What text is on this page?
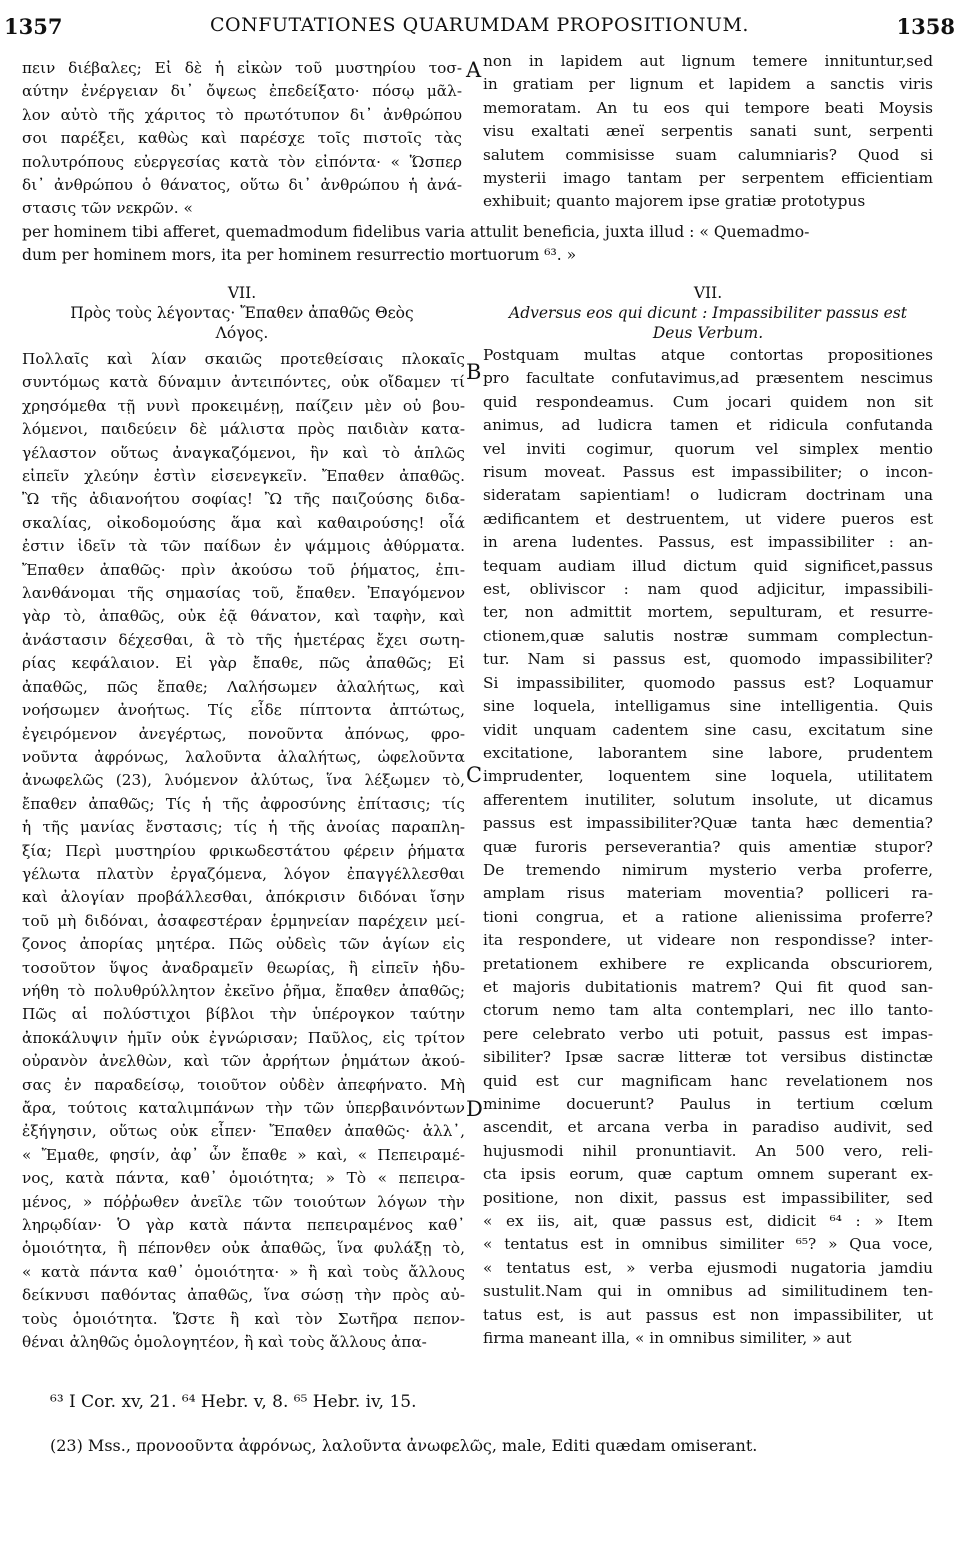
1357	CONFUTATIONES QUARUMDAM PROPOSITIONUM.	1358
πειν διέβαλες; Εἰ δὲ ἡ εἰκὼν τοῦ μυστηρίου τοσ-
αύτην ἐνέργειαν δι᾽ ὄψεως ἐπεδείξατο· πόσῳ μᾶλ-
λον αὐτὸ τῆς χάριτος τὸ πρωτότυπον δι᾽ ἀνθρώπου
σοι παρέξει, καθὼς καὶ παρέσχε τοῖς πιστοῖς τὰς
πολυτρόπους εὐεργεσίας κατὰ τὸν εἰπόντα· « Ὥσπερ
δι᾽ ἀνθρώπου ὁ θάνατος, οὕτω δι᾽ ἀνθρώπου ἡ ἀνά-
στασις τῶν νεκρῶν. «
non in lapidem aut lignum temere innituntur,sed
in gratiam per lignum et lapidem a sanctis viris
memoratam. An tu eos qui tempore beati Moysis
visu exaltati æneï serpentis sanati sunt, serpenti
salutem commisisse suam calumniaris? Quod si
mysterii imago tantam per serpentem efficientiam
exhibuit; quanto majorem ipse gratiæ prototypus
per hominem tibi afferet, quemadmodum fidelibus varia attulit beneficia, juxta illud : « Quemadmo-
dum per hominem mors, ita per hominem resurrectio mortuorum ⁶³. »
VII.
Πρὸς τοὺς λέγοντας· Ἔπαθεν ἀπαθῶς Θεὸς
Λόγος.
VII.
Adversus eos qui dicunt : Impassibiliter passus est
Deus Verbum.
Πολλαῖς καὶ λίαν σκαιῶς προτεθείσαις πλοκαῖς
συντόμως κατὰ δύναμιν ἀντειπόντες, οὐκ οἴδαμεν τί
χρησόμεθα τῇ νυνὶ προκειμένῃ, παίζειν μὲν οὐ βου-
λόμενοι, παιδεύειν δὲ μάλιστα πρὸς παιδιὰν κατα-
γέλαστον οὕτως ἀναγκαζόμενοι, ἣν καὶ τὸ ἁπλῶς
εἰπεῖν χλεύην ἐστὶν εἰσενεγκεῖν. Ἔπαθεν ἀπαθῶς.
Ὢ τῆς ἀδιανοήτου σοφίας! Ὢ τῆς παιζούσης διδα-
σκαλίας, οἰκοδομούσης ἅμα καὶ καθαιρούσης! οἷά
ἐστιν ἰδεῖν τὰ τῶν παίδων ἐν ψάμμοις ἀθύρματα.
Ἔπαθεν ἀπαθῶς· πρὶν ἀκούσω τοῦ ῥήματος, ἐπι-
λανθάνομαι τῆς σημασίας τοῦ, ἔπαθεν. Ἐπαγόμενον
γὰρ τὸ, ἀπαθῶς, οὐκ ἐᾷ θάνατον, καὶ ταφὴν, καὶ
ἀνάστασιν δέχεσθαι, ἃ τὸ τῆς ἡμετέρας ἔχει σωτη-
ρίας κεφάλαιον. Εἰ γὰρ ἔπαθε, πῶς ἀπαθῶς; Εἰ
ἀπαθῶς, πῶς ἔπαθε; Λαλήσωμεν ἀλαλήτως, καὶ
νοήσωμεν ἀνοήτως. Τίς εἶδε πίπτοντα ἀπτώτως,
ἐγειρόμενον ἀνεγέρτως, πονοῦντα ἀπόνως, φρο-
νοῦντα ἀφρόνως, λαλοῦντα ἀλαλήτως, ὠφελοῦντα
ἀνωφελῶς (23), λυόμενον ἀλύτως, ἵνα λέξωμεν τὸ,
ἔπαθεν ἀπαθῶς; Τίς ἡ τῆς ἀφροσύνης ἐπίτασις; τίς
ἡ τῆς μανίας ἔνστασις; τίς ἡ τῆς ἀνοίας παραπλη-
ξία; Περὶ μυστηρίου φρικωδεστάτου φέρειν ῥήματα
γέλωτα πλατὺν ἐργαζόμενα, λόγον ἐπαγγέλλεσθαι
καὶ ἀλογίαν προβάλλεσθαι, ἀπόκρισιν διδόναι ἴσην
τοῦ μὴ διδόναι, ἀσαφεστέραν ἑρμηνείαν παρέχειν μεί-
ζονος ἀπορίας μητέρα. Πῶς οὐδεὶς τῶν ἁγίων εἰς
τοσοῦτον ὕψος ἀναδραμεῖν θεωρίας, ἢ εἰπεῖν ἠδυ-
νήθη τὸ πολυθρύλλητον ἐκεῖνο ῥῆμα, ἔπαθεν ἀπαθῶς;
Πῶς αἱ πολύστιχοι βίβλοι τὴν ὑπέρογκον ταύτην
ἀποκάλυψιν ἡμῖν οὐκ ἐγνώρισαν; Παῦλος, εἰς τρίτον
οὐρανὸν ἀνελθὼν, καὶ τῶν ἀρρήτων ῥημάτων ἀκού-
σας ἐν παραδείσῳ, τοιοῦτον οὐδὲν ἀπεφήνατο. Μὴ
ἄρα, τούτοις καταλιμπάνων τὴν τῶν ὑπερβαινόντων
ἐξήγησιν, οὕτως οὐκ εἶπεν· Ἔπαθεν ἀπαθῶς· ἀλλ᾽,
« Ἔμαθε, φησίν, ἀφ᾽ ὧν ἔπαθε » καὶ, « Πεπειραμέ-
νος, κατὰ πάντα, καθ᾽ ὁμοιότητα; » Τὸ « πεπειρα-
μένος, » πόῤῥωθεν ἀνεῖλε τῶν τοιούτων λόγων τὴν
ληρῳδίαν· Ὁ γὰρ κατὰ πάντα πεπειραμένος καθ᾽
ὁμοιότητα, ἢ πέπονθεν οὐκ ἀπαθῶς, ἵνα φυλάξῃ τὸ,
« κατὰ πάντα καθ᾽ ὁμοιότητα· » ἢ καὶ τοὺς ἄλλους
δείκνυσι παθόντας ἀπαθῶς, ἵνα σώσῃ τὴν πρὸς αὐ-
τοὺς ὁμοιότητα. Ὥστε ἢ καὶ τὸν Σωτῆρα πεπον-
θέναι ἀληθῶς ὁμολογητέον, ἢ καὶ τοὺς ἄλλους ἀπα-
Postquam multas atque contortas propositiones
pro facultate confutavimus,ad præsentem nescimus
quid respondeamus. Cum jocari quidem non sit
animus, ad ludicra tamen et ridicula confutanda
vel inviti cogimur, quorum vel simplex mentio
risum moveat. Passus est impassibiliter; o incon-
sideratam sapientiam! o ludicram doctrinam una
ædificantem et destruentem, ut videre pueros est
in arena ludentes. Passus, est impassibiliter : an-
tequam audiam illud dictum quid significet,passus
est, obliviscor : nam quod adjicitur, impassibili-
ter, non admittit mortem, sepulturam, et resurre-
ctionem,quæ salutis nostræ summam complectun-
tur. Nam si passus est, quomodo impassibiliter?
Si impassibiliter, quomodo passus est? Loquamur
sine loquela, intelligamus sine intelligentia. Quis
vidit unquam cadentem sine casu, excitatum sine
excitatione, laborantem sine labore, prudentem
imprudenter, loquentem sine loquela, utilitatem
afferentem inutiliter, solutum insolute, ut dicamus
passus est impassibiliter?Quæ tanta hæc dementia?
quæ furoris perseverantia? quis amentiæ stupor?
De tremendo nimirum mysterio verba proferre,
amplam risus materiam moventia? polliceri ra-
tioni congrua, et a ratione alienissima proferre?
ita respondere, ut videare non respondisse? inter-
pretationem exhibere re explicanda obscuriorem,
et majoris dubitationis matrem? Qui fit quod san-
ctorum nemo tam alta contemplari, nec illo tanto-
pere celebrato verbo uti potuit, passus est impas-
sibiliter? Ipsæ sacræ litteræ tot versibus distinctæ
quid est cur magnificam hanc revelationem nos
minime docuerunt? Paulus in tertium cœlum
ascendit, et arcana verba in paradiso audivit, sed
hujusmodi nihil pronuntiavit. An 500 vero, reli-
cta ipsis eorum, quæ captum omnem superant ex-
positione, non dixit, passus est impassibiliter, sed
« ex iis, ait, quæ passus est, didicit ⁶⁴ : » Item
« tentatus est in omnibus similiter ⁶⁵? » Qua voce,
« tentatus est, » verba ejusmodi nugatoria jamdiu
sustulit.Nam qui in omnibus ad similitudinem ten-
tatus est, is aut passus est non impassibiliter, ut
firma maneant illa, « in omnibus similiter, » aut
A
B
C
D
⁶³ I Cor. xv, 21. ⁶⁴ Hebr. v, 8. ⁶⁵ Hebr. iv, 15.
(23) Mss., προνοοῦντα ἀφρόνως, λαλοῦντα ἀνωφελῶς, male, Editi quædam omiserant.
